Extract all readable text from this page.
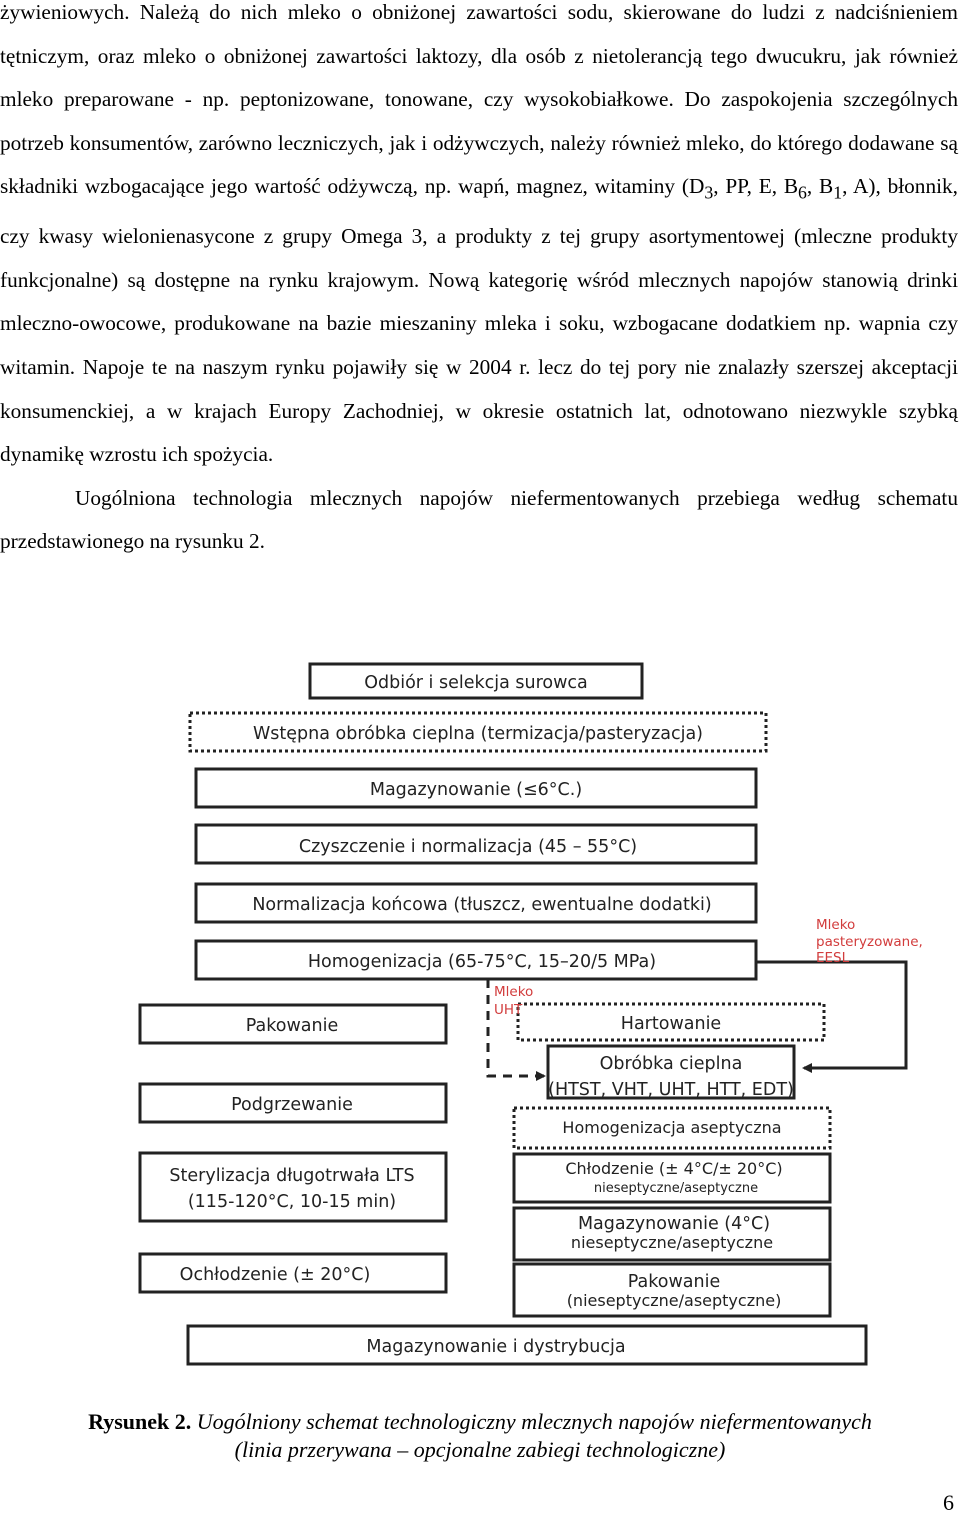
żywieniowych. Należą do nich mleko o obniżonej zawartości sodu, skierowane do ludzi z nadciśnieniem tętniczym, oraz mleko o obniżonej zawartości laktozy, dla osób z nietolerancją tego dwucukru, jak również mleko preparowane - np. peptonizowane, tonowane, czy wysokobiałkowe. Do zaspokojenia szczególnych potrzeb konsumentów, zarówno leczniczych, jak i odżywczych, należy również mleko, do którego dodawane są składniki wzbogacające jego wartość odżywczą, np. wapń, magnez, witaminy ($D_3$, PP, E, $B_6$, $B_1$, A), błonnik, czy kwasy wielonienasycone z grupy Omega 3, a produkty z tej grupy asortymentowej (mleczne produkty funkcjonalne) są dostępne na rynku krajowym. Nową kategorię wśród mlecznych napojów stanowią drinki mleczno-owocowe, produkowane na bazie mieszaniny mleka i soku, wzbogacane dodatkiem np. wapnia czy witamin. Napoje te na naszym rynku pojawiły się w 2004 r. lecz do tej pory nie znalazły szerszej akceptacji konsumenckiej, a w krajach Europy Zachodniej, w okresie ostatnich lat, odnotowano niezwykle szybką dynamikę wzrostu ich spożycia.

Uogólniona technologia mlecznych napojów niefermentowanych przebiega według schematu przedstawionego na rysunku 2.

Odbiór i selekcja surowca
Wstępna obróbka cieplna (termizacja/pasteryzacja)
Magazynowanie (≤6°C.)
Czyszczenie i normalizacja (45 – 55°C)
Normalizacja końcowa (tłuszcz, ewentualne dodatki)
Homogenizacja (65-75°C, 15–20/5 MPa)
Pakowanie
Podgrzewanie
Sterylizacja długotrwała LTS
(115-120°C, 10-15 min)
Ochłodzenie (± 20°C)
Hartowanie
Obróbka cieplna
(HTST, VHT, UHT, HTT, EDT)
Homogenizacja aseptyczna
Chłodzenie (± 4°C/± 20°C)
nieseptyczne/aseptyczne
Magazynowanie (4°C)
nieseptyczne/aseptyczne
Pakowanie
(nieseptyczne/aseptyczne)
Magazynowanie i dystrybucja
Mleko
pasteryzowane,
EESL
Mleko
UHT
Rysunek 2. Uogólniony schemat technologiczny mlecznych napojów niefermentowanych
(linia przerywana – opcjonalne zabiegi technologiczne)
6
